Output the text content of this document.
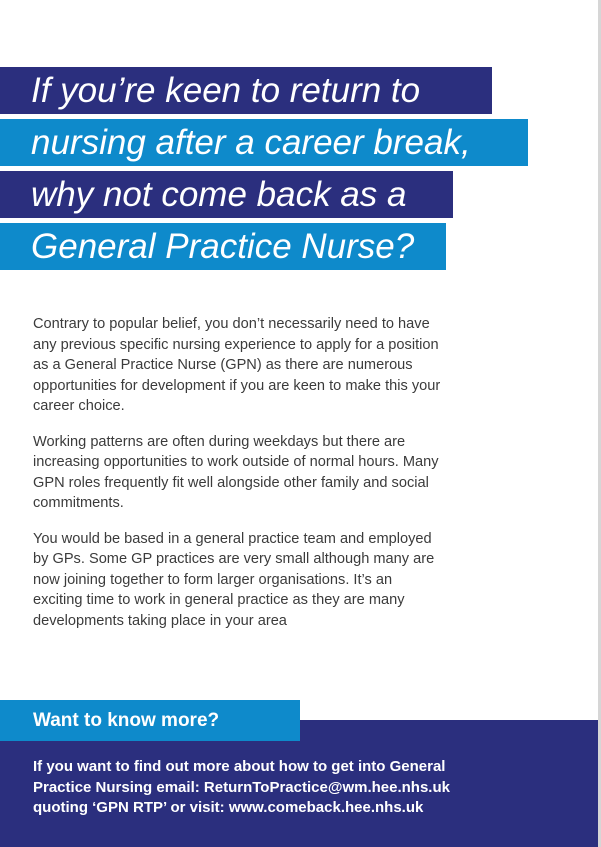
If you’re keen to return to
nursing after a career break,
why not come back as a
General Practice Nurse?

Contrary to popular belief, you don’t necessarily need to have any previous specific nursing experience to apply for a position as a General Practice Nurse (GPN) as there are numerous opportunities for development if you are keen to make this your career choice.

Working patterns are often during weekdays but there are increasing opportunities to work outside of normal hours. Many GPN roles frequently fit well alongside other family and social commitments.

You would be based in a general practice team and employed by GPs. Some GP practices are very small although many are now joining together to form larger organisations. It’s an exciting time to work in general practice as they are many developments taking place in your area

Want to know more?
If you want to find out more about how to get into General
Practice Nursing email: ReturnToPractice@wm.hee.nhs.uk
quoting ‘GPN RTP’ or visit: www.comeback.hee.nhs.uk
